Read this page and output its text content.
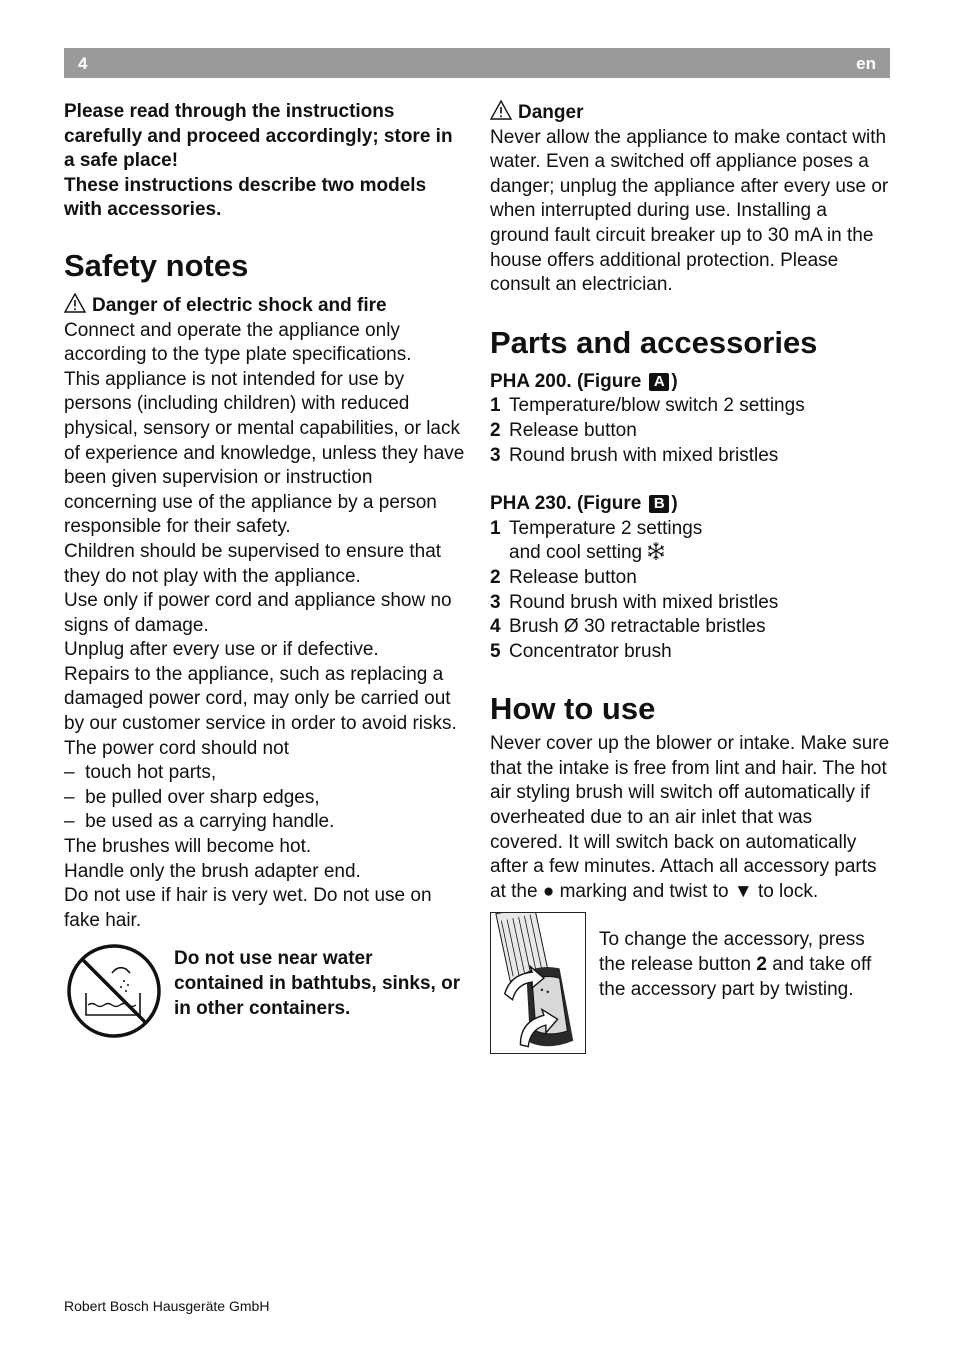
4	en

Please read through the instructions carefully and proceed accordingly; store in a safe place!

These instructions describe two models with accessories.

Safety notes

Danger of electric shock and fire

Connect and operate the appliance only according to the type plate specifications.

This appliance is not intended for use by persons (including children) with reduced physical, sensory or mental capabilities, or lack of experience and knowledge, unless they have been given supervision or instruction concerning use of the appliance by a person responsible for their safety.

Children should be supervised to ensure that they do not play with the appliance.

Use only if power cord and appliance show no signs of damage.

Unplug after every use or if defective.

Repairs to the appliance, such as replacing a damaged power cord, may only be carried out by our customer service in order to avoid risks.

The power cord should not

–  touch hot parts,

–  be pulled over sharp edges,

–  be used as a carrying handle.

The brushes will become hot.

Handle only the brush adapter end.

Do not use if hair is very wet. Do not use on fake hair.

Do not use near water contained in bathtubs, sinks, or in other containers.

Danger

Never allow the appliance to make contact with water. Even a switched off appliance poses a danger; unplug the appliance after every use or when interrupted during use. Installing a ground fault circuit breaker up to 30 mA in the house offers additional protection. Please consult an electrician.

Parts and accessories

PHA 200. (Figure A )

1 Temperature/blow switch 2 settings
2 Release button
3 Round brush with mixed bristles

PHA 230. (Figure B )

1 Temperature 2 settings
and cool setting
2 Release button
3 Round brush with mixed bristles
4 Brush Ø 30 retractable bristles
5 Concentrator brush
How to use

Never cover up the blower or intake. Make sure that the intake is free from lint and hair. The hot air styling brush will switch off automatically if overheated due to an air inlet that was covered. It will switch back on automatically after a few minutes. Attach all accessory parts at the ● marking and twist to ▼ to lock.

To change the accessory, press the release button 2 and take off the accessory part by twisting.

Robert Bosch Hausgeräte GmbH
